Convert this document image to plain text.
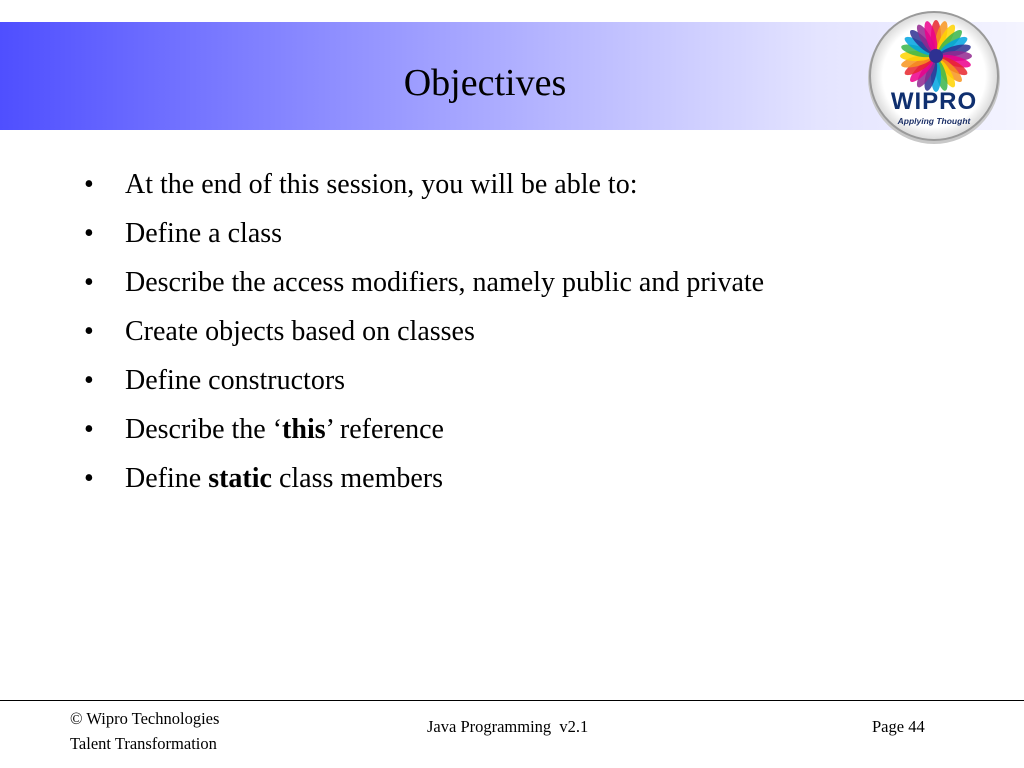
Objectives	WIPRO
Applying Thought
• At the end of this session, you will be able to:
• Define a class
• Describe the access modifiers, namely public and private
• Create objects based on classes
• Define constructors
• Describe the ‘this’ reference
• Define static class members
© Wipro Technologies
Talent Transformation
Java Programming  v2.1	Page 44
